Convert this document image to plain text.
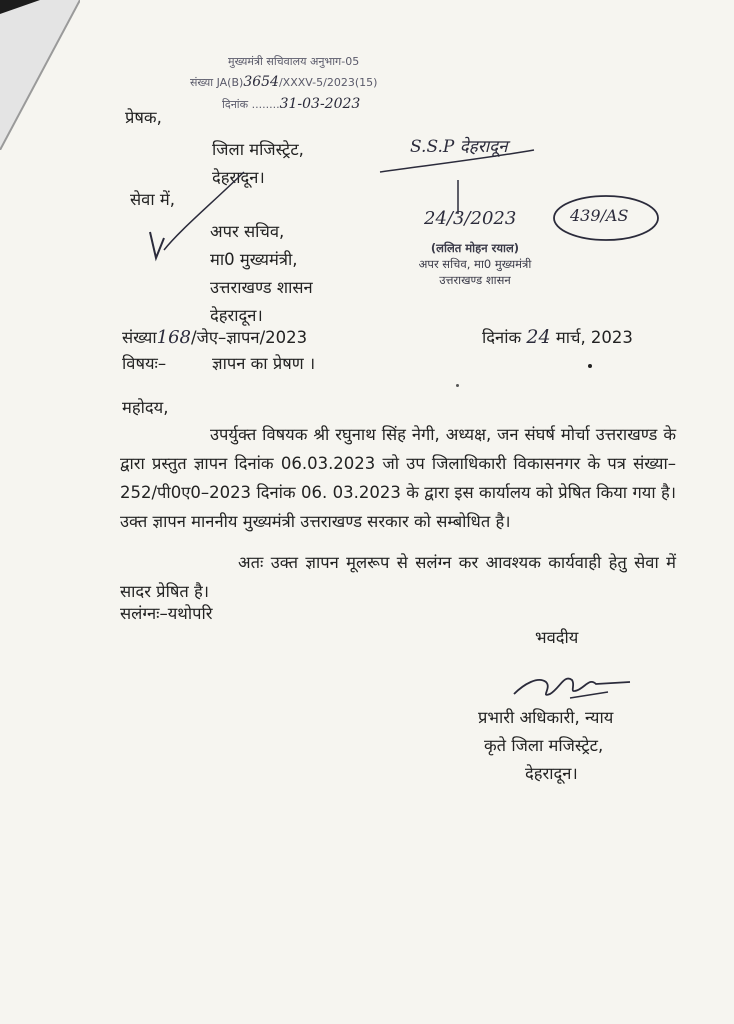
मुख्यमंत्री सचिवालय अनुभाग-05
संख्या JA(B)3654/XXXV-5/2023(15)
दिनांक ........31-03-2023
प्रेषक,
जिला मजिस्ट्रेट,
देहरादून।
S.S.P देहरादून
सेवा में,
अपर सचिव,
मा0 मुख्यमंत्री,
उत्तराखण्ड शासन
देहरादून।
24/3/2023	439/AS
(ललित मोहन रयाल)
अपर सचिव, मा0 मुख्यमंत्री
उत्तराखण्ड शासन
संख्या168/जेए–ज्ञापन/2023	दिनांक 24 मार्च, 2023
विषयः–	ज्ञापन का प्रेषण ।
महोदय,
उपर्युक्त विषयक श्री रघुनाथ सिंह नेगी, अध्यक्ष, जन संघर्ष मोर्चा उत्तराखण्ड के द्वारा प्रस्तुत ज्ञापन दिनांक 06.03.2023 जो उप जिलाधिकारी विकासनगर के पत्र संख्या–252/पी0ए0–2023 दिनांक 06. 03.2023 के द्वारा इस कार्यालय को प्रेषित किया गया है। उक्त ज्ञापन माननीय मुख्यमंत्री उत्तराखण्ड सरकार को सम्बोधित है।
अतः उक्त ज्ञापन मूलरूप से सलंग्न कर आवश्यक कार्यवाही हेतु सेवा में सादर प्रेषित है।
सलंग्नः–यथोपरि
भवदीय
प्रभारी अधिकारी, न्याय
कृते जिला मजिस्ट्रेट,
देहरादून।
